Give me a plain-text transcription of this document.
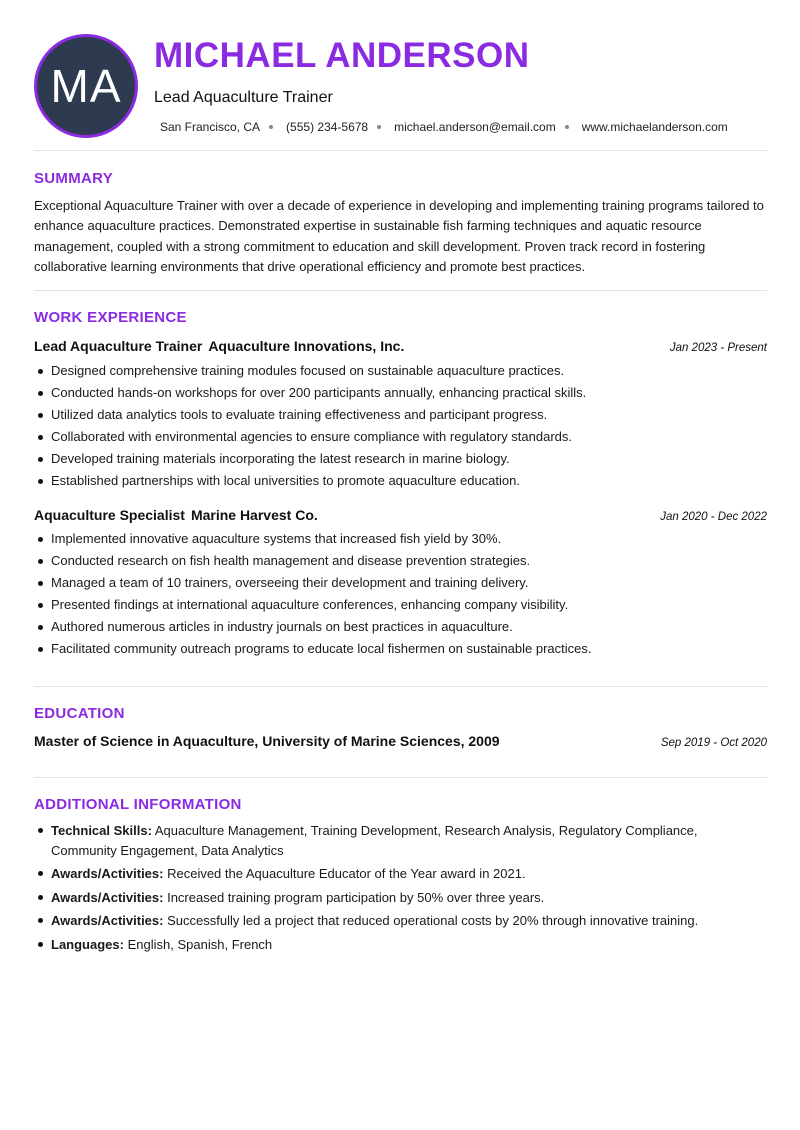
MA
MICHAEL ANDERSON
Lead Aquaculture Trainer
San Francisco, CA (555) 234-5678 michael.anderson@email.com www.michaelanderson.com
SUMMARY
Exceptional Aquaculture Trainer with over a decade of experience in developing and implementing training programs tailored to enhance aquaculture practices. Demonstrated expertise in sustainable fish farming techniques and aquatic resource management, coupled with a strong commitment to education and skill development. Proven track record in fostering collaborative learning environments that drive operational efficiency and promote best practices.
WORK EXPERIENCE
Lead Aquaculture Trainer Aquaculture Innovations, Inc.	Jan 2023 - Present
Designed comprehensive training modules focused on sustainable aquaculture practices.
Conducted hands-on workshops for over 200 participants annually, enhancing practical skills.
Utilized data analytics tools to evaluate training effectiveness and participant progress.
Collaborated with environmental agencies to ensure compliance with regulatory standards.
Developed training materials incorporating the latest research in marine biology.
Established partnerships with local universities to promote aquaculture education.
Aquaculture Specialist Marine Harvest Co.	Jan 2020 - Dec 2022
Implemented innovative aquaculture systems that increased fish yield by 30%.
Conducted research on fish health management and disease prevention strategies.
Managed a team of 10 trainers, overseeing their development and training delivery.
Presented findings at international aquaculture conferences, enhancing company visibility.
Authored numerous articles in industry journals on best practices in aquaculture.
Facilitated community outreach programs to educate local fishermen on sustainable practices.
EDUCATION
Master of Science in Aquaculture, University of Marine Sciences, 2009	Sep 2019 - Oct 2020
ADDITIONAL INFORMATION
Technical Skills: Aquaculture Management, Training Development, Research Analysis, Regulatory Compliance, Community Engagement, Data Analytics
Awards/Activities: Received the Aquaculture Educator of the Year award in 2021.
Awards/Activities: Increased training program participation by 50% over three years.
Awards/Activities: Successfully led a project that reduced operational costs by 20% through innovative training.
Languages: English , Spanish , French
